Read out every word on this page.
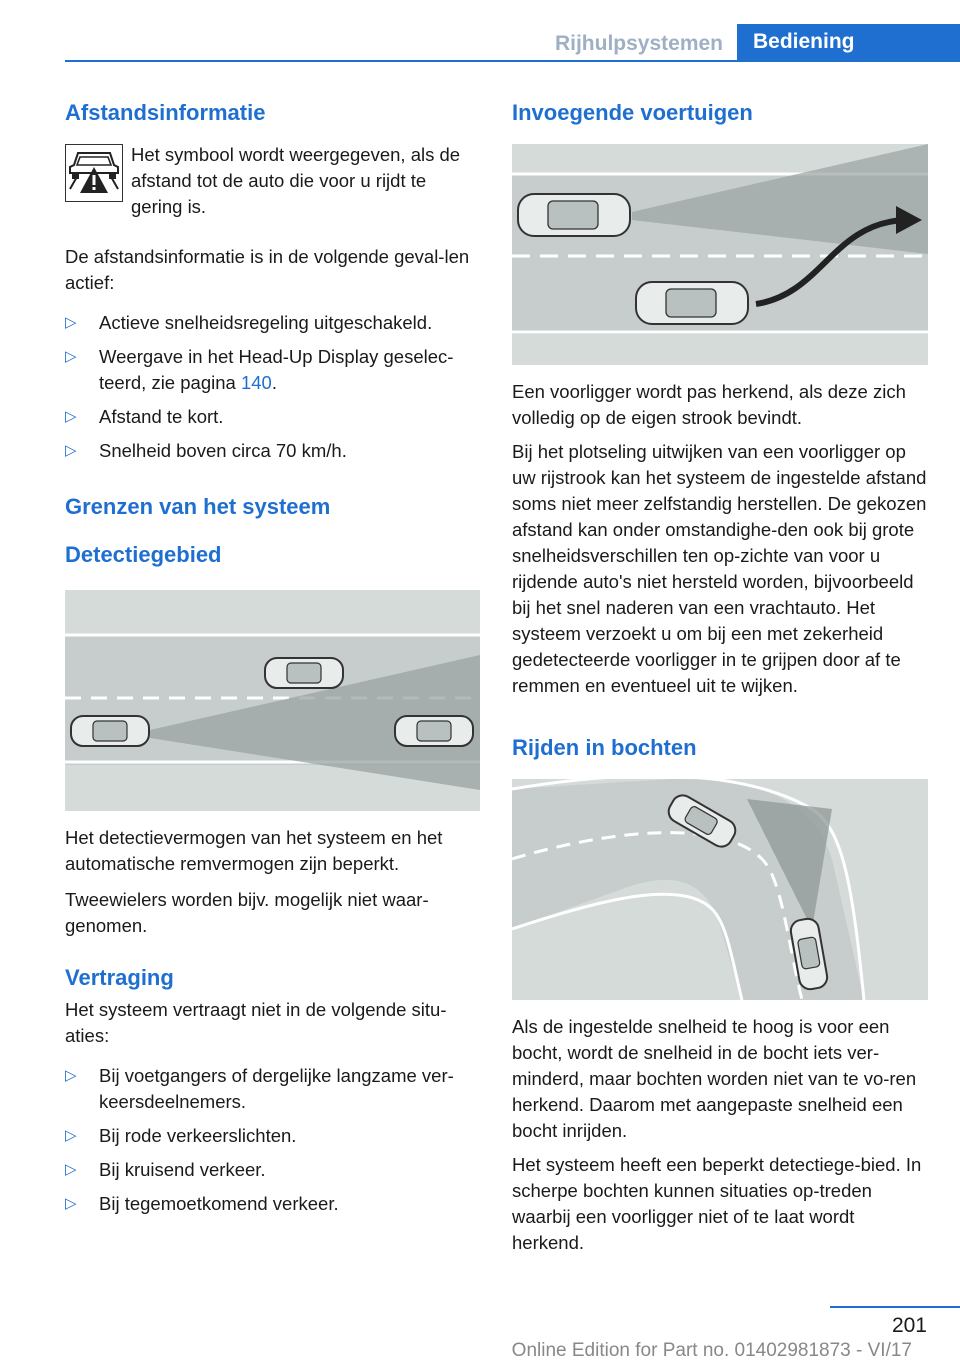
Rijhulpsystemen	Bediening
Afstandsinformatie

Het symbool wordt weergegeven, als de afstand tot de auto die voor u rijdt te gering is.

De afstandsinformatie is in de volgende geval-len actief:

▷ Actieve snelheidsregeling uitgeschakeld.
▷ Weergave in het Head-Up Display geselec-teerd, zie pagina 140.
▷ Afstand te kort.
▷ Snelheid boven circa 70 km/h.
Grenzen van het systeem
Detectiegebied

Het detectievermogen van het systeem en het automatische remvermogen zijn beperkt.

Tweewielers worden bijv. mogelijk niet waar-genomen.

Vertraging

Het systeem vertraagt niet in de volgende situ-aties:

▷ Bij voetgangers of dergelijke langzame ver-keersdeelnemers.
▷ Bij rode verkeerslichten.
▷ Bij kruisend verkeer.
▷ Bij tegemoetkomend verkeer.
Invoegende voertuigen

Een voorligger wordt pas herkend, als deze zich volledig op de eigen strook bevindt.

Bij het plotseling uitwijken van een voorligger op uw rijstrook kan het systeem de ingestelde afstand soms niet meer zelfstandig herstellen. De gekozen afstand kan onder omstandighe-den ook bij grote snelheidsverschillen ten op-zichte van voor u rijdende auto's niet hersteld worden, bijvoorbeeld bij het snel naderen van een vrachtauto. Het systeem verzoekt u om bij een met zekerheid gedetecteerde voorligger in te grijpen door af te remmen en eventueel uit te wijken.

Rijden in bochten

Als de ingestelde snelheid te hoog is voor een bocht, wordt de snelheid in de bocht iets ver-minderd, maar bochten worden niet van te vo-ren herkend. Daarom met aangepaste snelheid een bocht inrijden.

Het systeem heeft een beperkt detectiege-bied. In scherpe bochten kunnen situaties op-treden waarbij een voorligger niet of te laat wordt herkend.

201
Online Edition for Part no. 01402981873 - VI/17
